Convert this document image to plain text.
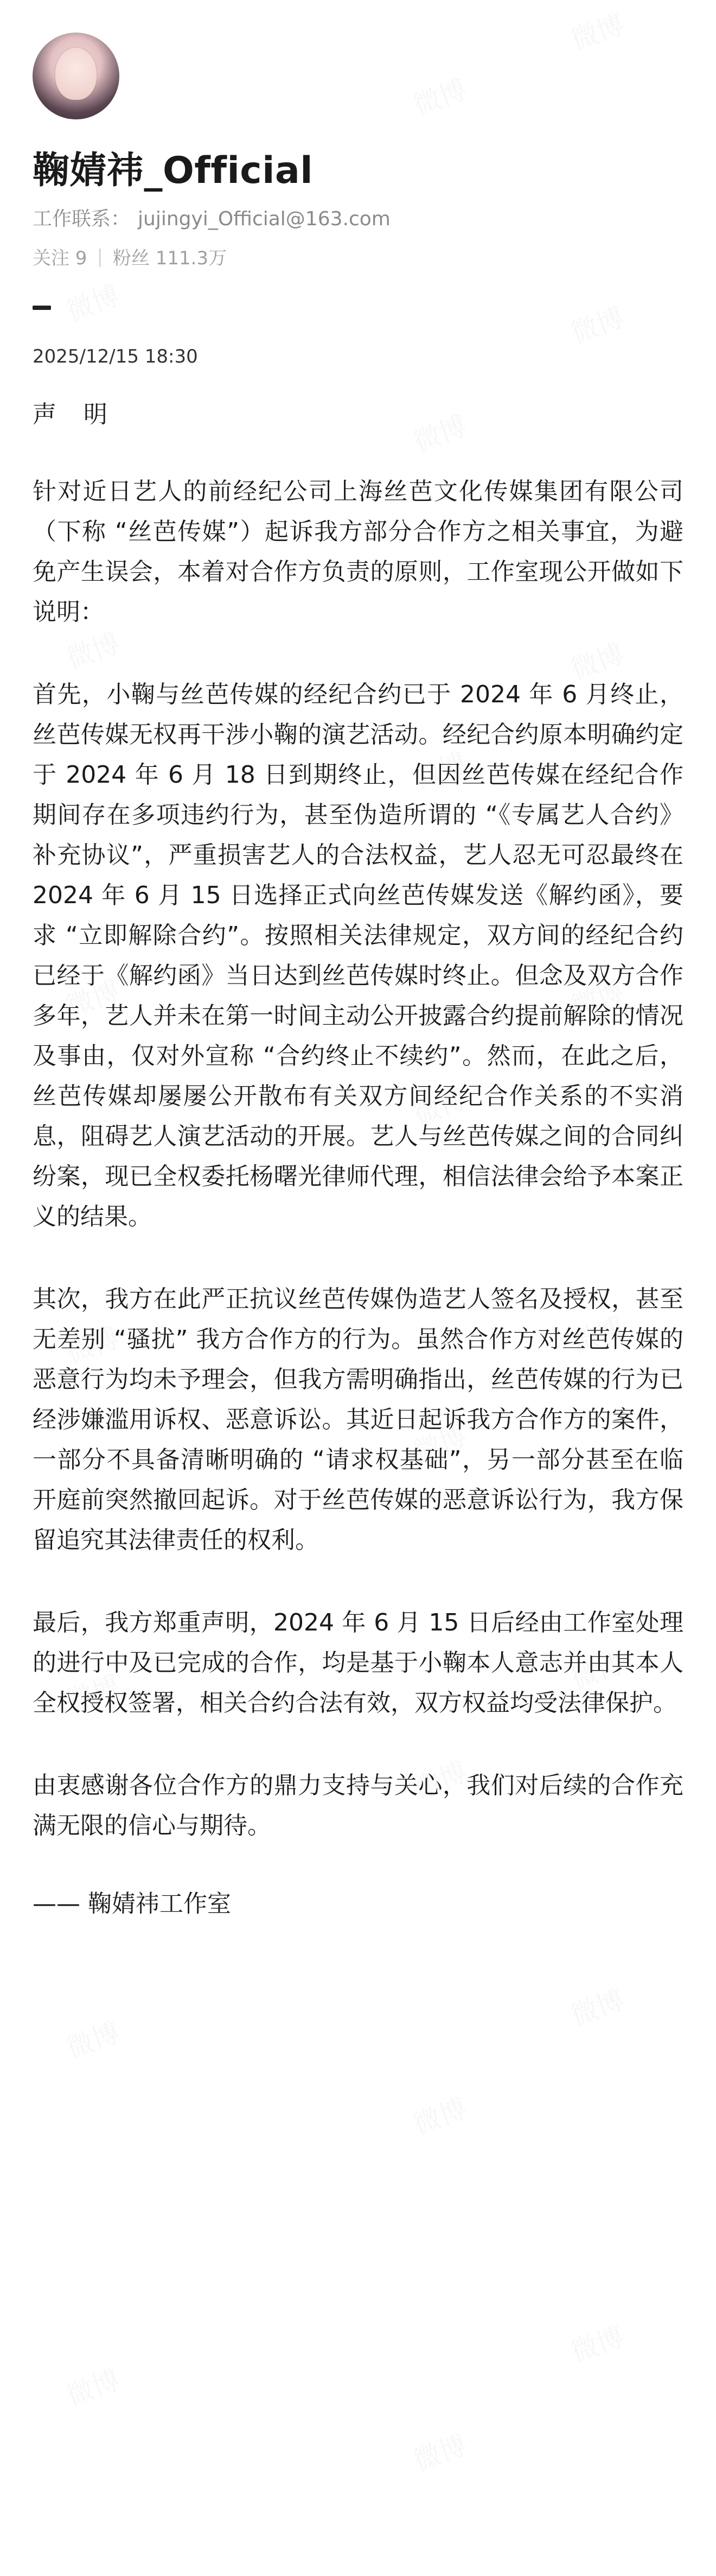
鞠婧祎_Official
工作联系： jujingyi_Official@163.com
关注 9 | 粉丝 111.3万
2025/12/15 18:30
声 明
针对近日艺人的前经纪公司上海丝芭文化传媒集团有限公司（下称 “丝芭传媒”）起诉我方部分合作方之相关事宜，为避免产生误会，本着对合作方负责的原则，工作室现公开做如下说明：
首先，小鞠与丝芭传媒的经纪合约已于 2024 年 6 月终止，丝芭传媒无权再干涉小鞠的演艺活动。经纪合约原本明确约定于 2024 年 6 月 18 日到期终止，但因丝芭传媒在经纪合作期间存在多项违约行为，甚至伪造所谓的 “《专属艺人合约》补充协议”，严重损害艺人的合法权益，艺人忍无可忍最终在 2024 年 6 月 15 日选择正式向丝芭传媒发送《解约函》，要求 “立即解除合约”。按照相关法律规定，双方间的经纪合约已经于《解约函》当日达到丝芭传媒时终止。但念及双方合作多年，艺人并未在第一时间主动公开披露合约提前解除的情况及事由，仅对外宣称 “合约终止不续约”。然而，在此之后，丝芭传媒却屡屡公开散布有关双方间经纪合作关系的不实消息，阻碍艺人演艺活动的开展。艺人与丝芭传媒之间的合同纠纷案，现已全权委托杨曙光律师代理，相信法律会给予本案正义的结果。
其次，我方在此严正抗议丝芭传媒伪造艺人签名及授权，甚至无差别 “骚扰” 我方合作方的行为。虽然合作方对丝芭传媒的恶意行为均未予理会，但我方需明确指出，丝芭传媒的行为已经涉嫌滥用诉权、恶意诉讼。其近日起诉我方合作方的案件，一部分不具备清晰明确的 “请求权基础”，另一部分甚至在临开庭前突然撤回起诉。对于丝芭传媒的恶意诉讼行为，我方保留追究其法律责任的权利。
最后，我方郑重声明，2024 年 6 月 15 日后经由工作室处理的进行中及已完成的合作，均是基于小鞠本人意志并由其本人全权授权签署，相关合约合法有效，双方权益均受法律保护。
由衷感谢各位合作方的鼎力支持与关心，我们对后续的合作充满无限的信心与期待。
—— 鞠婧祎工作室
